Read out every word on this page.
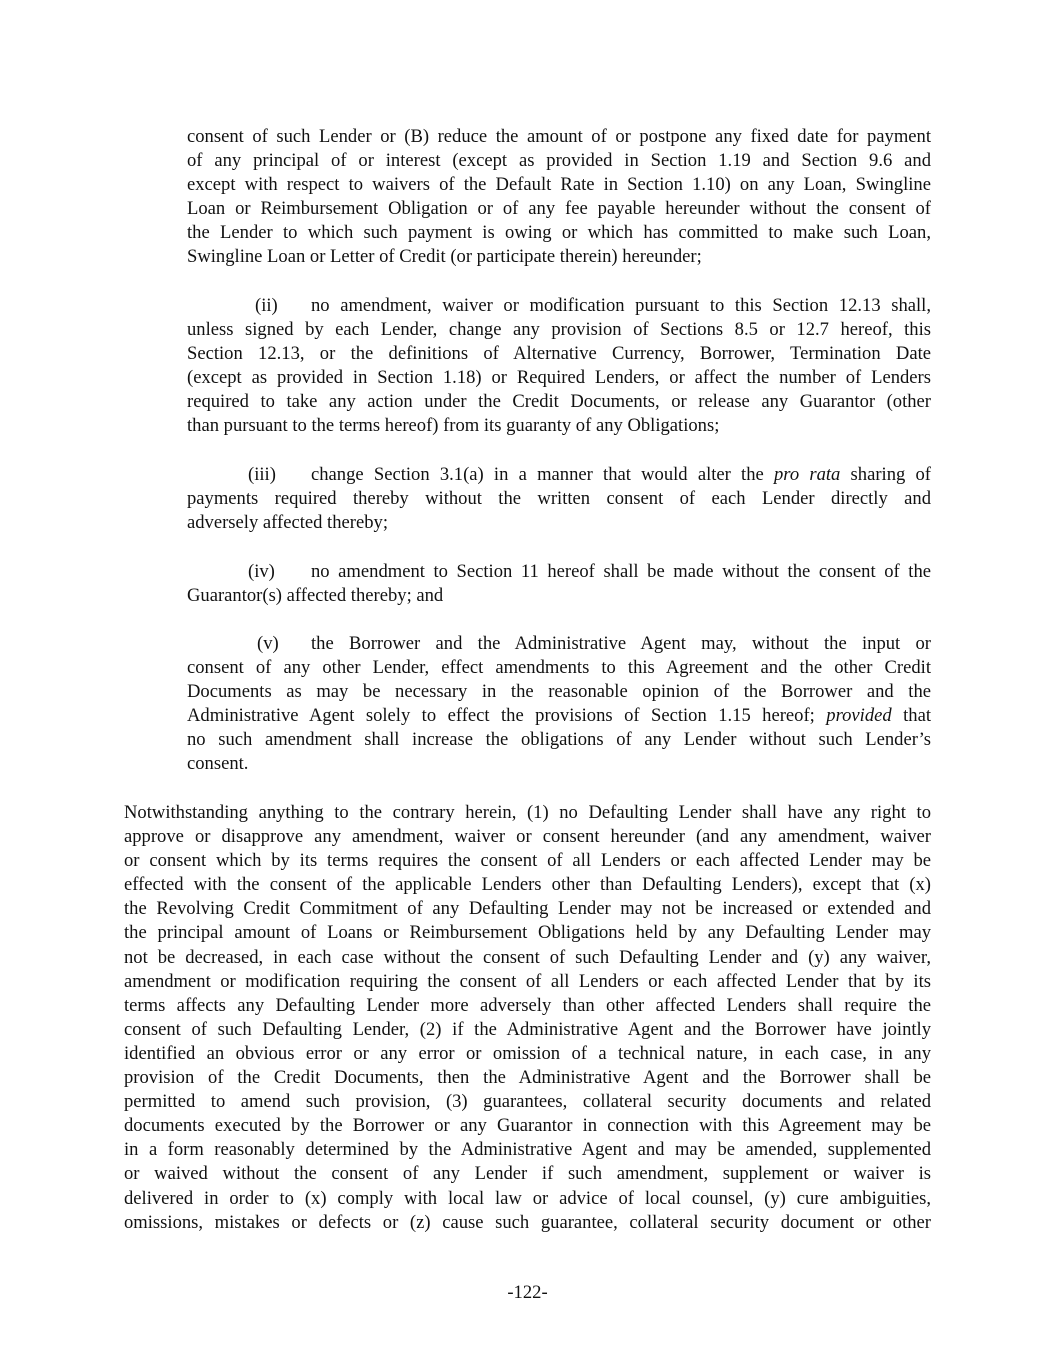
consent of such Lender or (B) reduce the amount of or postpone any fixed date for payment
of any principal of or interest (except as provided in Section 1.19 and Section 9.6 and
except with respect to waivers of the Default Rate in Section 1.10) on any Loan, Swingline
Loan or Reimbursement Obligation or of any fee payable hereunder without the consent of
the Lender to which such payment is owing or which has committed to make such Loan,
Swingline Loan or Letter of Credit (or participate therein) hereunder;
(ii) no amendment, waiver or modification pursuant to this Section 12.13 shall,
unless signed by each Lender, change any provision of Sections 8.5 or 12.7 hereof, this
Section 12.13, or the definitions of Alternative Currency, Borrower, Termination Date
(except as provided in Section 1.18) or Required Lenders, or affect the number of Lenders
required to take any action under the Credit Documents, or release any Guarantor (other
than pursuant to the terms hereof) from its guaranty of any Obligations;
(iii) change Section 3.1(a) in a manner that would alter the pro rata sharing of
payments required thereby without the written consent of each Lender directly and
adversely affected thereby;
(iv) no amendment to Section 11 hereof shall be made without the consent of the
Guarantor(s) affected thereby; and
(v) the Borrower and the Administrative Agent may, without the input or
consent of any other Lender, effect amendments to this Agreement and the other Credit
Documents as may be necessary in the reasonable opinion of the Borrower and the
Administrative Agent solely to effect the provisions of Section 1.15 hereof; provided that
no such amendment shall increase the obligations of any Lender without such Lender’s
consent.
Notwithstanding anything to the contrary herein, (1) no Defaulting Lender shall have any right to
approve or disapprove any amendment, waiver or consent hereunder (and any amendment, waiver
or consent which by its terms requires the consent of all Lenders or each affected Lender may be
effected with the consent of the applicable Lenders other than Defaulting Lenders), except that (x)
the Revolving Credit Commitment of any Defaulting Lender may not be increased or extended and
the principal amount of Loans or Reimbursement Obligations held by any Defaulting Lender may
not be decreased, in each case without the consent of such Defaulting Lender and (y) any waiver,
amendment or modification requiring the consent of all Lenders or each affected Lender that by its
terms affects any Defaulting Lender more adversely than other affected Lenders shall require the
consent of such Defaulting Lender, (2) if the Administrative Agent and the Borrower have jointly
identified an obvious error or any error or omission of a technical nature, in each case, in any
provision of the Credit Documents, then the Administrative Agent and the Borrower shall be
permitted to amend such provision, (3) guarantees, collateral security documents and related
documents executed by the Borrower or any Guarantor in connection with this Agreement may be
in a form reasonably determined by the Administrative Agent and may be amended, supplemented
or waived without the consent of any Lender if such amendment, supplement or waiver is
delivered in order to (x) comply with local law or advice of local counsel, (y) cure ambiguities,
omissions, mistakes or defects or (z) cause such guarantee, collateral security document or other
-122-
